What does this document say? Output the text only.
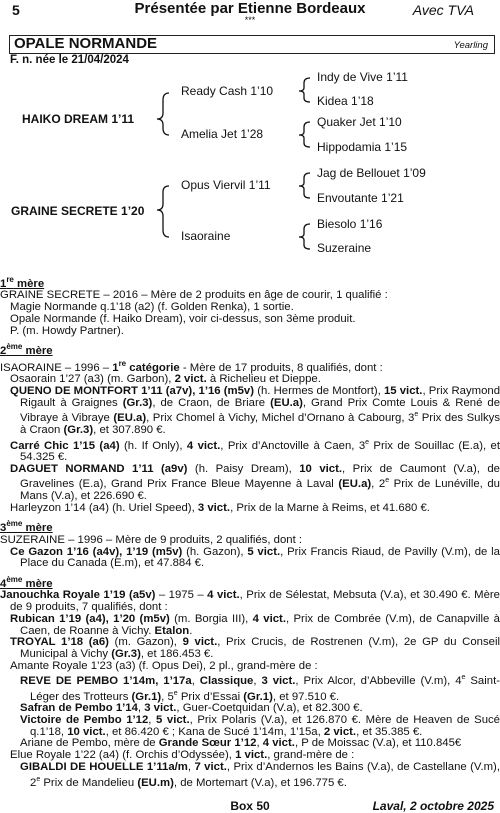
5	Présentée par Etienne Bordeaux
***
Avec TVA
OPALE NORMANDE	Yearling
F. n. née le 21/04/2024
HAIKO DREAM 1’11
GRAINE SECRETE 1’20
Ready Cash 1’10
Amelia Jet 1’28
Opus Viervil 1’11
Isaoraine
Indy de Vive 1’11
Kidea 1’18
Quaker Jet 1’10
Hippodamia 1’15
Jag de Bellouet 1’09
Envoutante 1’21
Biesolo 1’16
Suzeraine

1re mère

GRAINE SECRETE – 2016 – Mère de 2 produits en âge de courir, 1 qualifié :

Magie Normande q.1’18 (a2) (f. Golden Renka), 1 sortie.

Opale Normande (f. Haiko Dream), voir ci-dessus, son 3ème produit.

P. (m. Howdy Partner).

2ème mère

ISAORAINE – 1996 – 1re catégorie - Mère de 17 produits, 8 qualifiés, dont :

Osaorain 1’27 (a3) (m. Garbon), 2 vict. à Richelieu et Dieppe.

QUENO DE MONTFORT 1’11 (a7v), 1’16 (m5v) (h. Hermes de Montfort), 15 vict., Prix Raymond Rigault à Graignes (Gr.3), de Craon, de Briare (EU.a), Grand Prix Comte Louis & René de Vibraye à Vibraye (EU.a), Prix Chomel à Vichy, Michel d’Ornano à Cabourg, 3e Prix des Sulkys à Craon (Gr.3), et 307.890 €.

Carré Chic 1’15 (a4) (h. If Only), 4 vict., Prix d’Anctoville à Caen, 3e Prix de Souillac (E.a), et 54.325 €.

DAGUET NORMAND 1’11 (a9v) (h. Paisy Dream), 10 vict., Prix de Caumont (V.a), de Gravelines (E.a), Grand Prix France Bleue Mayenne à Laval (EU.a), 2e Prix de Lunéville, du Mans (V.a), et 226.690 €.

Harleyzon 1’14 (a4) (h. Uriel Speed), 3 vict., Prix de la Marne à Reims, et 41.680 €.

3ème mère

SUZERAINE – 1996 – Mère de 9 produits, 2 qualifiés, dont :

Ce Gazon 1’16 (a4v), 1’19 (m5v) (h. Gazon), 5 vict., Prix Francis Riaud, de Pavilly (V.m), de la Place du Canada (E.m), et 47.884 €.

4ème mère

Janouchka Royale 1’19 (a5v) – 1975 – 4 vict., Prix de Sélestat, Mebsuta (V.a), et 30.490 €. Mère de 9 produits, 7 qualifiés, dont :

Rubican 1’19 (a4), 1’20 (m5v) (m. Borgia III), 4 vict., Prix de Combrée (V.m), de Canapville à Caen, de Roanne à Vichy. Etalon.

TROYAL 1’18 (a6) (m. Gazon), 9 vict., Prix Crucis, de Rostrenen (V.m), 2e GP du Conseil Municipal à Vichy (Gr.3), et 186.453 €.

Amante Royale 1’23 (a3) (f. Opus Dei), 2 pl., grand-mère de :

REVE DE PEMBO 1’14m, 1’17a, Classique, 3 vict., Prix Alcor, d’Abbeville (V.m), 4e Saint-Léger des Trotteurs (Gr.1), 5e Prix d’Essai (Gr.1), et 97.510 €.

Safran de Pembo 1’14, 3 vict., Guer-Coetquidan (V.a), et 82.300 €.

Victoire de Pembo 1’12, 5 vict., Prix Polaris (V.a), et 126.870 €. Mère de Heaven de Sucé q.1’18, 10 vict., et 86.420 € ; Kana de Sucé 1’14m, 1’15a, 2 vict., et 35.385 €.

Ariane de Pembo, mère de Grande Sœur 1’12, 4 vict., P de Moissac (V.a), et 110.845€

Elue Royale 1’22 (a4) (f. Orchis d’Odyssée), 1 vict., grand-mère de :

GIBALDI DE HOUELLE 1’11a/m, 7 vict., Prix d’Andernos les Bains (V.a), de Castellane (V.m), 2e Prix de Mandelieu (EU.m), de Mortemart (V.a), et 196.775 €.

Box 50	Laval, 2 octobre 2025
